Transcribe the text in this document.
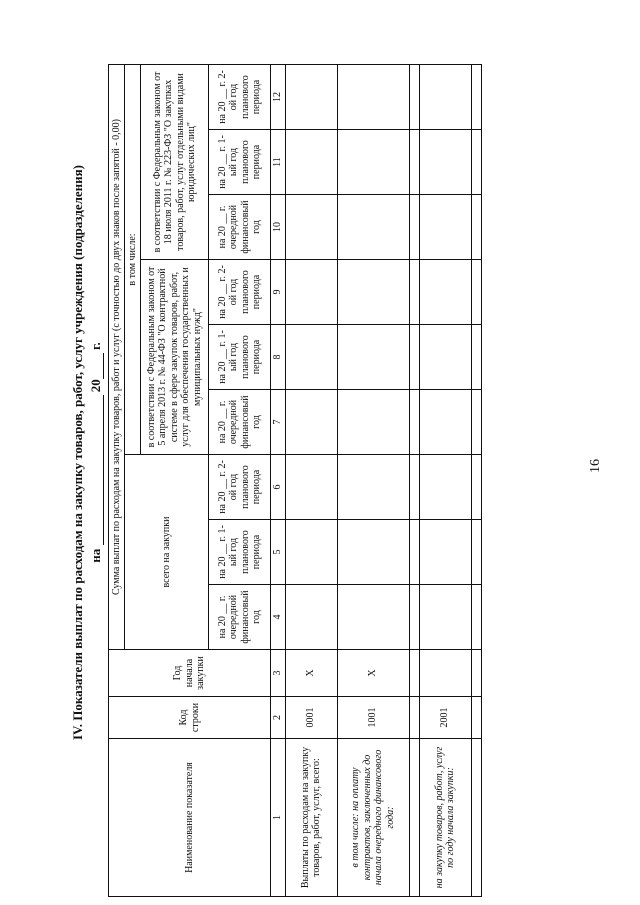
IV. Показатели выплат по расходам на закупку товаров, работ, услуг учреждения (подразделения) на  20 г.
Наименование показателя	Код строки	Год начала закупки	Сумма выплат по расходам на закупку товаров, работ и услуг (с точностью до двух знаков после запятой - 0,00)								
			всего на закупки			в том числе:					
						в соответствии с Федеральным законом от 5 апреля 2013 г. № 44-ФЗ "О контрактной системе в сфере закупок товаров, работ, услуг для обеспечения государственных и муниципальных нужд"			в соответствии с Федеральным законом от 18 июля 2011 г. № 223-ФЗ "О закупках товаров, работ, услуг отдельными видами юридических лиц"		
			на 20 __ г. очередной финансовый год	на 20 __ г. 1-ый год планового периода	на 20 __ г. 2-ой год планового периода	на 20 __ г. очередной финансовый год	на 20 __ г. 1-ый год планового периода	на 20 __ г. 2-ой год планового периода	на 20 __ г. очередной финансовый год	на 20 __ г. 1-ый год планового периода	на 20 __ г. 2-ой год планового периода
1	2	3	4	5	6	7	8	9	10	11	12
Выплаты по расходам на закупку товаров, работ, услуг, всего:	0001	X									
в том числе: на оплату контрактов, заключенных до начала очередного финансового года:	1001	X									

на закупку товаров, работ, услуг по году начала закупки:	2001										

16
